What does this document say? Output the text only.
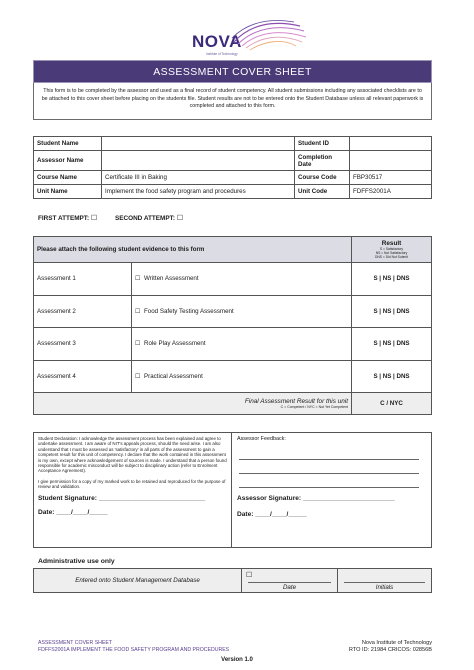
NOVA
Institute of Technology
ASSESSMENT COVER SHEET
This form is to be completed by the assessor and used as a final record of student competency. All student submissions including any associated checklists are to be attached to this cover sheet before placing on the students file. Student results are not to be entered onto the Student Database unless all relevant paperwork is completed and attached to this form.
Student Name		Student ID	
Assessor Name		Completion Date	
Course Name	Certificate III in Baking	Course Code	FBP30517
Unit Name	Implement the food safety program and procedures	Unit Code	FDFFS2001A
FIRST ATTEMPT: ☐	SECOND ATTEMPT: ☐
Please attach the following student evidence to this form		Result
S = Satisfactory
NS = Not Satisfactory
DNS = Did Not Submit

Assessment 1	☐ Written Assessment	S | NS | DNS
Assessment 2	☐ Food Safety Testing Assessment	S | NS | DNS
Assessment 3	☐ Role Play Assessment	S | NS | DNS
Assessment 4	☐ Practical Assessment	S | NS | DNS

Final Assessment Result for this unit
C = Competent / NYC = Not Yet Competent		C / NYC
Student Declaration: I acknowledge the assessment process has been explained and agree to undertake assessment. I am aware of NIT's appeals process, should the need arise. I am also understand that I must be assessed as 'satisfactory' in all parts of the assessment to gain a competent result for this unit of competency. I declare that the work contained in this assessment is my own, except where acknowledgement of sources is made. I understand that a person found responsible for academic misconduct will be subject to disciplinary action (refer to Enrolment Acceptance Agreement).
I give permission for a copy of my marked work to be retained and reproduced for the purpose of review and validation.
Student Signature: _____________________________
Date: ____/____/_____
Assessor Feedback:
Assessor Signature: _________________________
Date: ____/____/_____
Administrative use only
Entered onto Student Management Database	
☐
Date	Initials
ASSESSMENT COVER SHEET
FDFFS2001A IMPLEMENT THE FOOD SAFETY PROGRAM AND PROCEDURES
Nova Institute of Technology
RTO ID: 21984 CRICOS: 02856B
Version 1.0
